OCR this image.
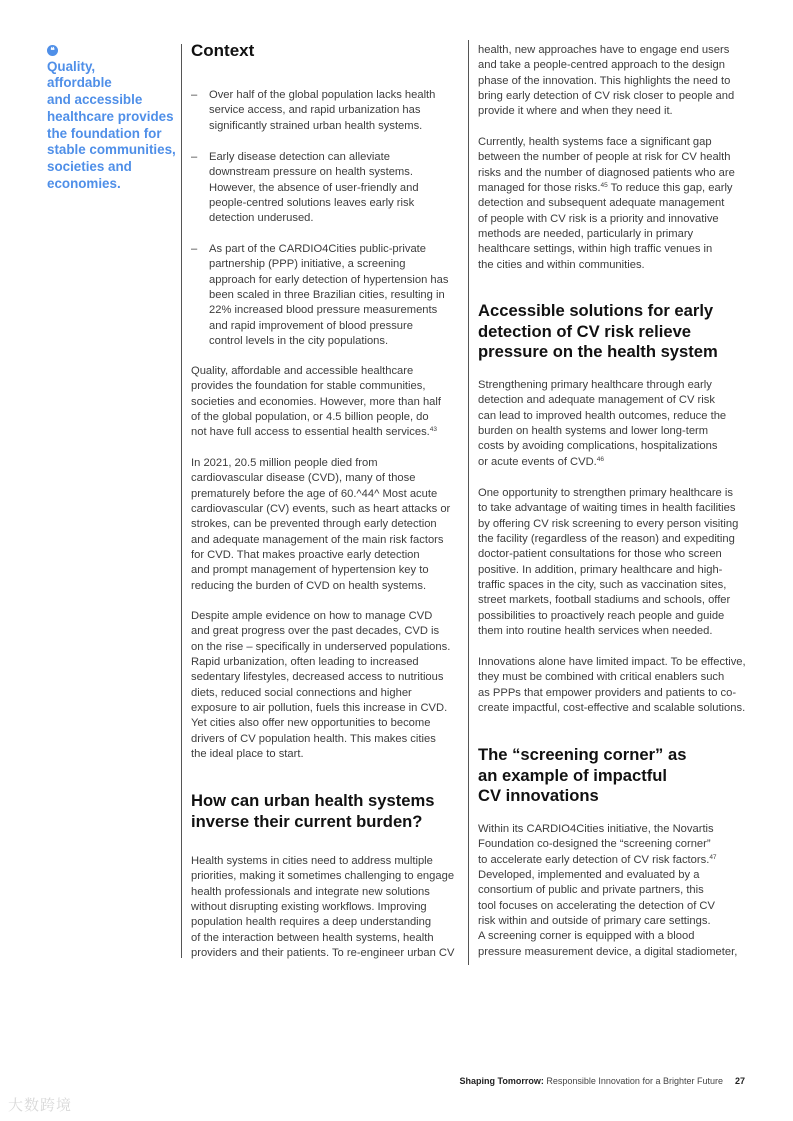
❝
Quality,
affordable
and accessible
healthcare provides
the foundation for
stable communities,
societies and
economies.
Context
– Over half of the global population lacks health
service access, and rapid urbanization has
significantly strained urban health systems.
– Early disease detection can alleviate
downstream pressure on health systems.
However, the absence of user-friendly and
people-centred solutions leaves early risk
detection underused.
– As part of the CARDIO4Cities public-private
partnership (PPP) initiative, a screening
approach for early detection of hypertension has
been scaled in three Brazilian cities, resulting in
22% increased blood pressure measurements
and rapid improvement of blood pressure
control levels in the city populations.
Quality, affordable and accessible healthcare
provides the foundation for stable communities,
societies and economies. However, more than half
of the global population, or 4.5 billion people, do
not have full access to essential health services.$^{43}$
In 2021, 20.5 million people died from
cardiovascular disease (CVD), many of those
prematurely before the age of 60.^44^ Most acute
cardiovascular (CV) events, such as heart attacks or
strokes, can be prevented through early detection
and adequate management of the main risk factors
for CVD. That makes proactive early detection
and prompt management of hypertension key to
reducing the burden of CVD on health systems.
Despite ample evidence on how to manage CVD
and great progress over the past decades, CVD is
on the rise – specifically in underserved populations.
Rapid urbanization, often leading to increased
sedentary lifestyles, decreased access to nutritious
diets, reduced social connections and higher
exposure to air pollution, fuels this increase in CVD.
Yet cities also offer new opportunities to become
drivers of CV population health. This makes cities
the ideal place to start.
How can urban health systems
inverse their current burden?
Health systems in cities need to address multiple
priorities, making it sometimes challenging to engage
health professionals and integrate new solutions
without disrupting existing workflows. Improving
population health requires a deep understanding
of the interaction between health systems, health
providers and their patients. To re-engineer urban CV
health, new approaches have to engage end users
and take a people-centred approach to the design
phase of the innovation. This highlights the need to
bring early detection of CV risk closer to people and
provide it where and when they need it.
Currently, health systems face a significant gap
between the number of people at risk for CV health
risks and the number of diagnosed patients who are
managed for those risks.$^{45}$ To reduce this gap, early
detection and subsequent adequate management
of people with CV risk is a priority and innovative
methods are needed, particularly in primary
healthcare settings, within high traffic venues in
the cities and within communities.
Accessible solutions for early
detection of CV risk relieve
pressure on the health system
Strengthening primary healthcare through early
detection and adequate management of CV risk
can lead to improved health outcomes, reduce the
burden on health systems and lower long-term
costs by avoiding complications, hospitalizations
or acute events of CVD.$^{46}$
One opportunity to strengthen primary healthcare is
to take advantage of waiting times in health facilities
by offering CV risk screening to every person visiting
the facility (regardless of the reason) and expediting
doctor-patient consultations for those who screen
positive. In addition, primary healthcare and high-
traffic spaces in the city, such as vaccination sites,
street markets, football stadiums and schools, offer
possibilities to proactively reach people and guide
them into routine health services when needed.
Innovations alone have limited impact. To be effective,
they must be combined with critical enablers such
as PPPs that empower providers and patients to co-
create impactful, cost-effective and scalable solutions.
The “screening corner” as
an example of impactful
CV innovations
Within its CARDIO4Cities initiative, the Novartis
Foundation co-designed the “screening corner”
to accelerate early detection of CV risk factors.$^{47}$
Developed, implemented and evaluated by a
consortium of public and private partners, this
tool focuses on accelerating the detection of CV
risk within and outside of primary care settings.
A screening corner is equipped with a blood
pressure measurement device, a digital stadiometer,
Shaping Tomorrow: Responsible Innovation for a Brighter Future 27
大数跨境
